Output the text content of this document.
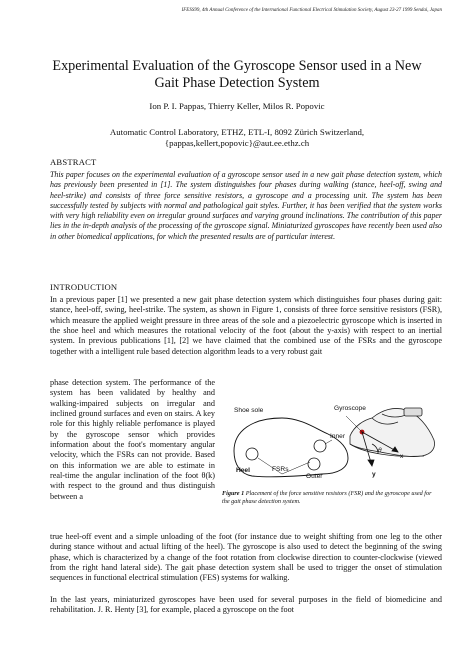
IFESS99, 4th Annual Conference of the International Functional Electrical Stimulation Society, August 23-27 1999 Sendai, Japan
Experimental Evaluation of the Gyroscope Sensor used in a New Gait Phase Detection System
Ion P. I. Pappas, Thierry Keller, Milos R. Popovic
Automatic Control Laboratory, ETHZ, ETL-I, 8092 Zürich Switzerland,
{pappas,kellert,popovic}@aut.ee.ethz.ch
ABSTRACT
This paper focuses on the experimental evaluation of a gyroscope sensor used in a new gait phase detection system, which has previously been presented in [1]. The system distinguishes four phases during walking (stance, heel-off, swing and heel-strike) and consists of three force sensitive resistors, a gyroscope and a processing unit. The system has been successfully tested by subjects with normal and pathological gait styles. Further, it has been verified that the system works with very high reliability even on irregular ground surfaces and varying ground inclinations. The contribution of this paper lies in the in-depth analysis of the processing of the gyroscope signal. Miniaturized gyroscopes have recently been used also in other biomedical applications, for which the presented results are of particular interest.
INTRODUCTION
In a previous paper [1] we presented a new gait phase detection system which distinguishes four phases during gait: stance, heel-off, swing, heel-strike. The system, as shown in Figure 1, consists of three force sensitive resistors (FSR), which measure the applied weight pressure in three areas of the sole and a piezoelectric gyroscope which is inserted in the shoe heel and which measures the rotational velocity of the foot (about the y-axis) with respect to an inertial system. In previous publications [1], [2] we have claimed that the combined use of the FSRs and the gyroscope together with a intelligent rule based detection algorithm leads to a very robust gait
phase detection system. The performance of the system has been validated by healthy and walking-impaired subjects on irregular and inclined ground surfaces and even on stairs. A key role for this highly reliable perfomance is played by the gyroscope sensor which provides information about the foot's momentary angular velocity, which the FSRs can not provide. Based on this information we are able to estimate in real-time the angular inclination of the foot θ(k) with respect to the ground and thus distinguish between a
Shoe sole	Gyroscope
Inner
Heel	FSRs
Outer
θ
x
y
Figure 1 Placement of the force sensitive resistors (FSR) and the gyroscope used for the gait phase detection system.
true heel-off event and a simple unloading of the foot (for instance due to weight shifting from one leg to the other during stance without and actual lifting of the heel). The gyroscope is also used to detect the beginning of the swing phase, which is characterized by a change of the foot rotation from clockwise direction to counter-clockwise (viewed from the right hand lateral side). The gait phase detection system shall be used to trigger the onset of stimulation sequences in functional electrical stimulation (FES) systems for walking.
In the last years, miniaturized gyroscopes have been used for several purposes in the field of biomedicine and rehabilitation. J. R. Henty [3], for example, placed a gyroscope on the foot
